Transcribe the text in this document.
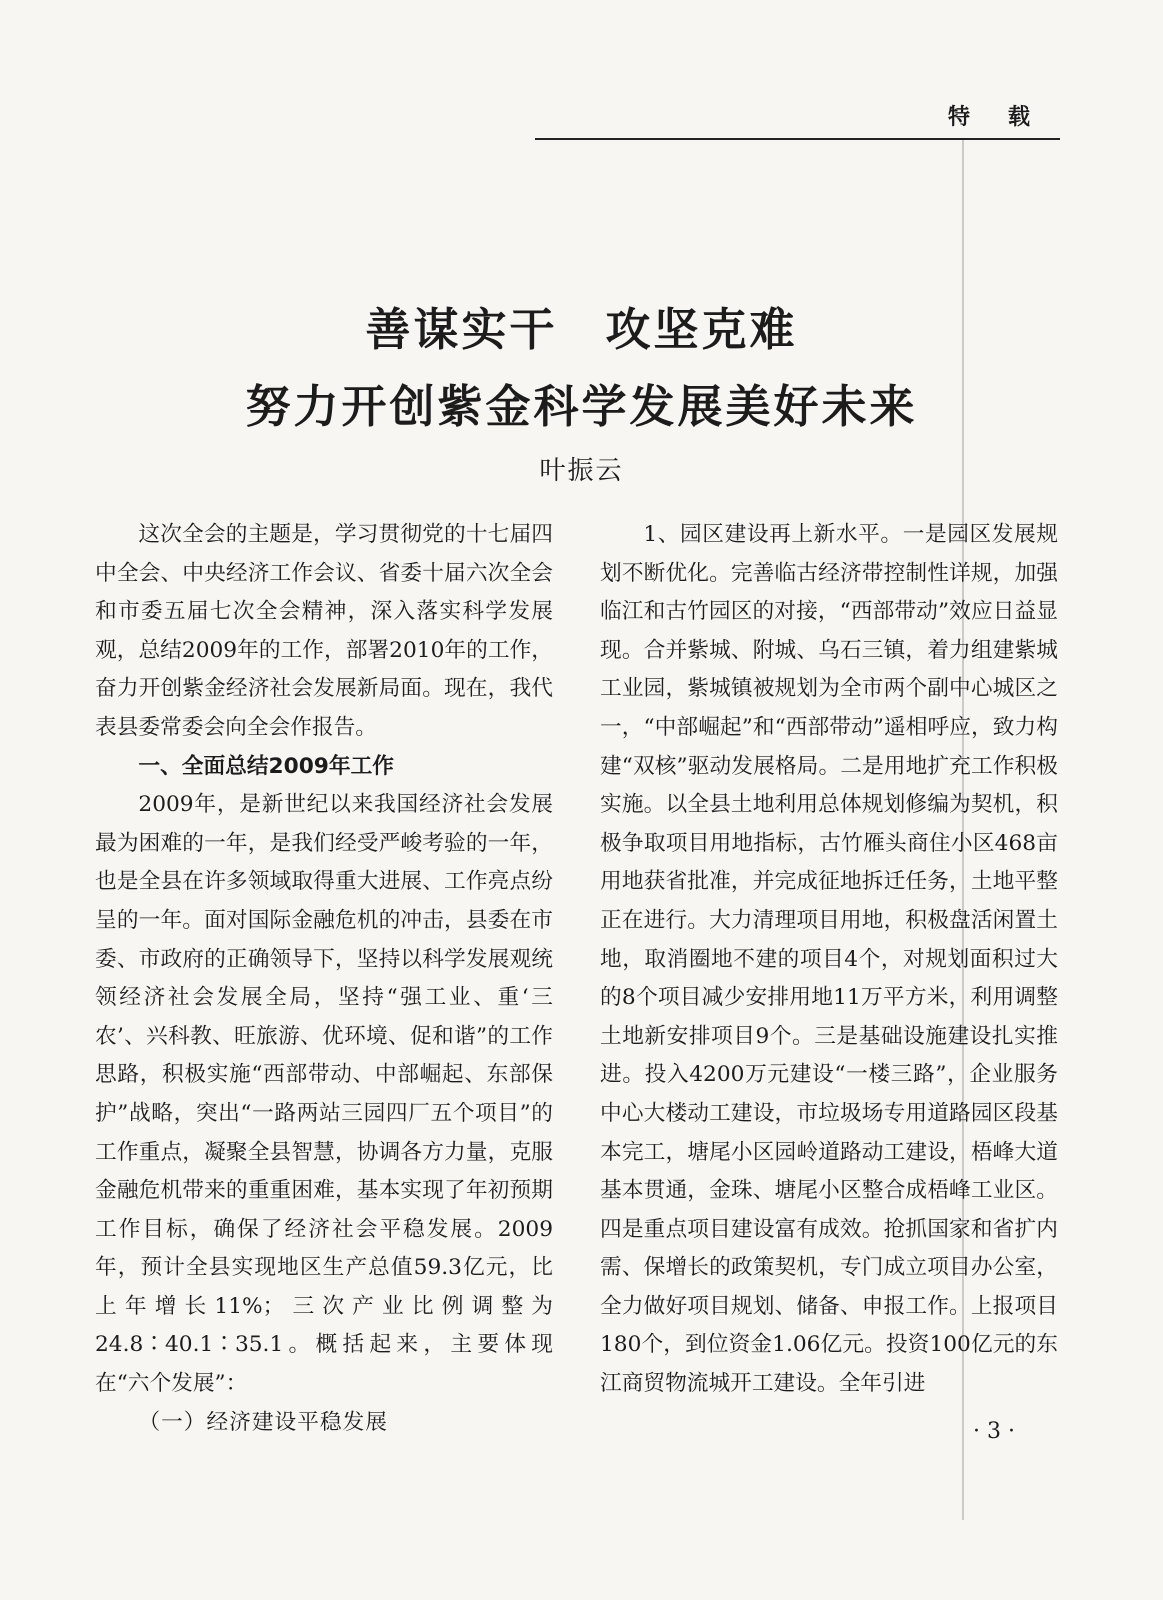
特载
善谋实干　攻坚克难
努力开创紫金科学发展美好未来
叶振云

这次全会的主题是，学习贯彻党的十七届四中全会、中央经济工作会议、省委十届六次全会和市委五届七次全会精神，深入落实科学发展观，总结2009年的工作，部署2010年的工作，奋力开创紫金经济社会发展新局面。现在，我代表县委常委会向全会作报告。

一、全面总结2009年工作

2009年，是新世纪以来我国经济社会发展最为困难的一年，是我们经受严峻考验的一年，也是全县在许多领域取得重大进展、工作亮点纷呈的一年。面对国际金融危机的冲击，县委在市委、市政府的正确领导下，坚持以科学发展观统领经济社会发展全局，坚持“强工业、重‘三农’、兴科教、旺旅游、优环境、促和谐”的工作思路，积极实施“西部带动、中部崛起、东部保护”战略，突出“一路两站三园四厂五个项目”的工作重点，凝聚全县智慧，协调各方力量，克服金融危机带来的重重困难，基本实现了年初预期工作目标，确保了经济社会平稳发展。2009年，预计全县实现地区生产总值59.3亿元，比上年增长11%；三次产业比例调整为24.8∶40.1∶35.1。概括起来，主要体现在“六个发展”：

（一）经济建设平稳发展

1、园区建设再上新水平。一是园区发展规划不断优化。完善临古经济带控制性详规，加强临江和古竹园区的对接，“西部带动”效应日益显现。合并紫城、附城、乌石三镇，着力组建紫城工业园，紫城镇被规划为全市两个副中心城区之一，“中部崛起”和“西部带动”遥相呼应，致力构建“双核”驱动发展格局。二是用地扩充工作积极实施。以全县土地利用总体规划修编为契机，积极争取项目用地指标，古竹雁头商住小区468亩用地获省批准，并完成征地拆迁任务，土地平整正在进行。大力清理项目用地，积极盘活闲置土地，取消圈地不建的项目4个，对规划面积过大的8个项目减少安排用地11万平方米，利用调整土地新安排项目9个。三是基础设施建设扎实推进。投入4200万元建设“一楼三路”，企业服务中心大楼动工建设，市垃圾场专用道路园区段基本完工，塘尾小区园岭道路动工建设，梧峰大道基本贯通，金珠、塘尾小区整合成梧峰工业区。四是重点项目建设富有成效。抢抓国家和省扩内需、保增长的政策契机，专门成立项目办公室，全力做好项目规划、储备、申报工作。上报项目180个，到位资金1.06亿元。投资100亿元的东江商贸物流城开工建设。全年引进

· 3 ·
